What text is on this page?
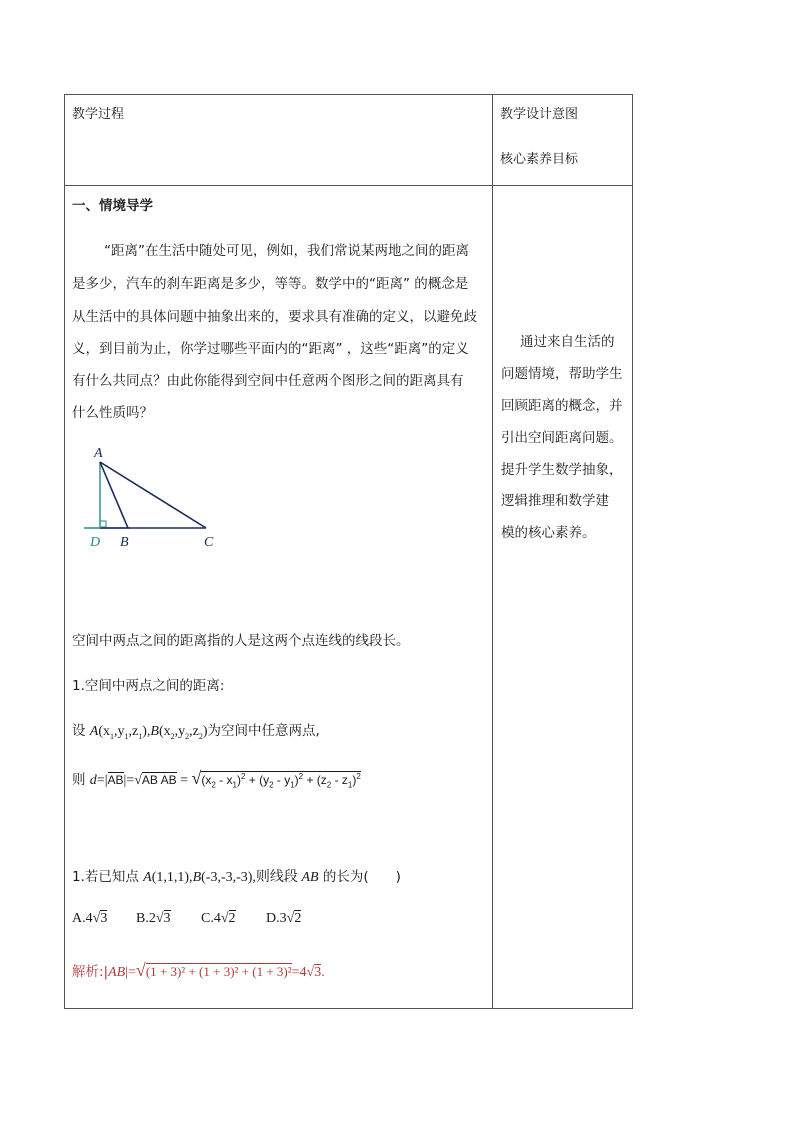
教学过程	教学设计意图
核心素养目标
一、情境导学
“距离”在生活中随处可见，例如，我们常说某两地之间的距离
是多少，汽车的刹车距离是多少，等等。数学中的“距离” 的概念是
从生活中的具体问题中抽象出来的，要求具有准确的定义，以避免歧
义，到目前为止，你学过哪些平面内的“距离” ，这些“距离”的定义
有什么共同点？由此你能得到空间中任意两个图形之间的距离具有
什么性质吗？
A
D B	C
空间中两点之间的距离指的人是这两个点连线的线段长。
1.空间中两点之间的距离:
设 $A(x_1,y_1,z_1),B(x_2,y_2,z_2)$为空间中任意两点,
则 d=|AB|=√AB AB = $√(x_2 - x_1)^2 + (y_2 - y_1)^2 + (z_2 - z_1)^2$
1.若已知点 A(1,1,1),B(-3,-3,-3),则线段 AB 的长为(　　)
A.4√3 B.2√3 C.4√2 D.3√2
解析:|AB|=√(1 + 3)² + (1 + 3)² + (1 + 3)²=4√3.
通过来自生活的
问题情境，帮助学生
回顾距离的概念，并
引出空间距离问题。
提升学生数学抽象，
逻辑推理和数学建
模的核心素养。
